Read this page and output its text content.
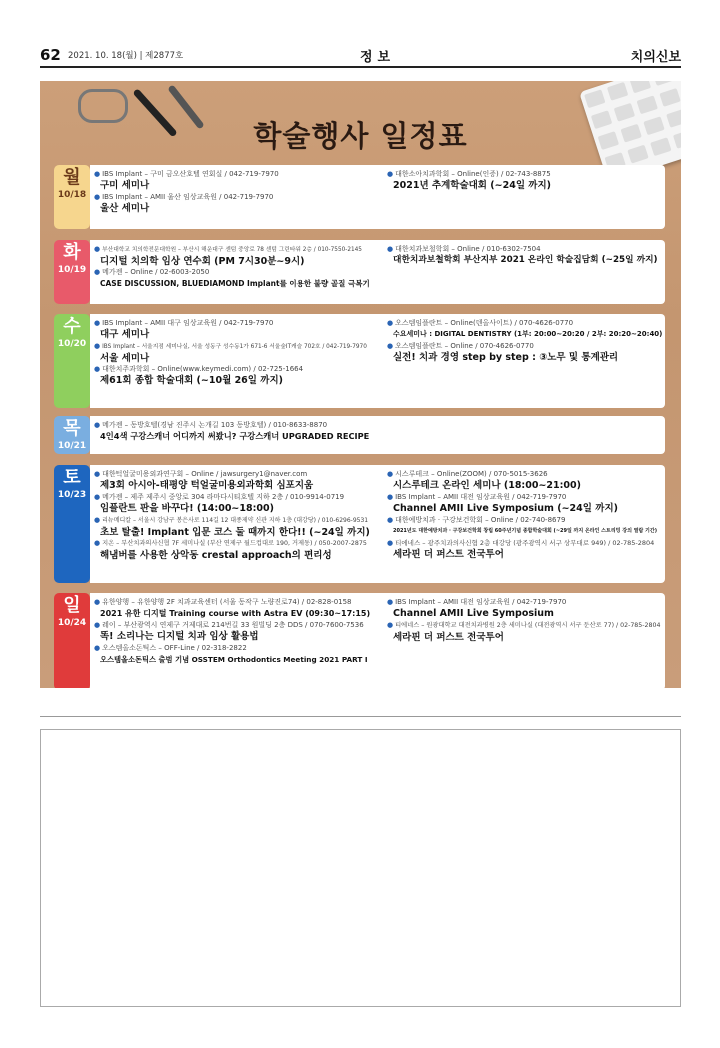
62 2021. 10. 18(월) | 제2877호	정보	치의신보
학술행사 일정표
월
10/18
● IBS Implant – 구미 금오산호텔 연회실 / 042-719-7970
구미 세미나
● IBS Implant – AMII 울산 임상교육원 / 042-719-7970
울산 세미나
● 대한소아치과학회 – Online(인증) / 02-743-8875
2021년 추계학술대회 (~24일 까지)
화
10/19
● 부산대학교 치의학전문대학원 – 부산시 해운대구 센텀 중앙로 78 센텀 그린타워 2층 / 010-7550-2145
디지털 치의학 임상 연수회 (PM 7시30분~9시)
● 메가젠 – Online / 02-6003-2050
CASE DISCUSSION, BLUEDIAMOND Implant를 이용한 불량 골질 극복기
● 대한치과보철학회 – Online / 010-6302-7504
대한치과보철학회 부산지부 2021 온라인 학술집담회 (~25일 까지)
수
10/20
● IBS Implant – AMII 대구 임상교육원 / 042-719-7970
대구 세미나
● IBS Implant – 서울지점 세미나실, 서울 성동구 성수동1가 671-6 서울숲IT캐슬 702호 / 042-719-7970
서울 세미나
● 대한치주과학회 – Online(www.keymedi.com) / 02-725-1664
제61회 종합 학술대회 (~10월 26일 까지)
● 오스템임플란트 – Online(덴올사이트) / 070-4626-0770
수요세미나 : DIGITAL DENTISTRY (1부: 20:00~20:20 / 2부: 20:20~20:40)
● 오스템임플란트 – Online / 070-4626-0770
실전! 치과 경영 step by step : ③노무 및 통계관리
목
10/21
● 메가젠 – 동방호텔(경남 진주시 논개길 103 동방호텔) / 010-8633-8870
4인4색 구강스캐너 어디까지 써봤니? 구강스캐너 UPGRADED RECIPE
토
10/23
● 대한턱얼굴미용외과연구회 – Online / jawsurgery1@naver.com
제3회 아시아-태평양 턱얼굴미용외과학회 심포지움
● 메가젠 – 제주 제주시 중앙로 304 라마다시티호텔 지하 2층 / 010-9914-0719
임플란트 판을 바꾸다! (14:00~18:00)
● 리뉴메디칼 – 서울시 강남구 봉은사로 114길 12 대종제약 신관 지하 1층 (대강당) / 010-6296-9531
초보 탈출! Implant 입문 코스 둘 때까지 한다!! (~24일 까지)
● 지온 – 부산치과의사신협 7F 세미나실 (부산 연제구 월드컵대로 190, 거제동) / 050-2007-2875
해냄버를 사용한 상악동 crestal approach의 편리성
● 시스루테크 – Online(ZOOM) / 070-5015-3626
시스루테크 온라인 세미나 (18:00~21:00)
● IBS Implant – AMII 대전 임상교육원 / 042-719-7970
Channel AMII Live Symposium (~24일 까지)
● 대한예방치과 · 구강보건학회 – Online / 02-740-8679
2021년도 대한예방치과 · 구강보건학회 창립 60주년기념 종합학술대회 (~29일 까지 온라인 스트리밍 강의 열람 기간)
● 티에네스 – 광주치과의사신협 2층 대강당 (광주광역시 서구 상무대로 949) / 02-785-2804
세라핀 더 퍼스트 전국투어
일
10/24
● 유한양행 – 유한양행 2F 치과교육센터 (서울 동작구 노량진로74) / 02-828-0158
2021 유한 디지털 Training course with Astra EV (09:30~17:15)
● 레이 – 부산광역시 연제구 거제대로 214번길 33 원빌딩 2층 DDS / 070-7600-7536
똑! 소리나는 디지털 치과 임상 활용법
● 오스템올소돈틱스 – OFF-Line / 02-318-2822
오스템올소돈틱스 출범 기념 OSSTEM Orthodontics Meeting 2021 PART I
● IBS Implant – AMII 대전 임상교육원 / 042-719-7970
Channel AMII Live Symposium
● 티에네스 – 원광대학교 대전치과병원 2층 세미나실 (대전광역시 서구 둔산로 77) / 02-785-2804
세라핀 더 퍼스트 전국투어
